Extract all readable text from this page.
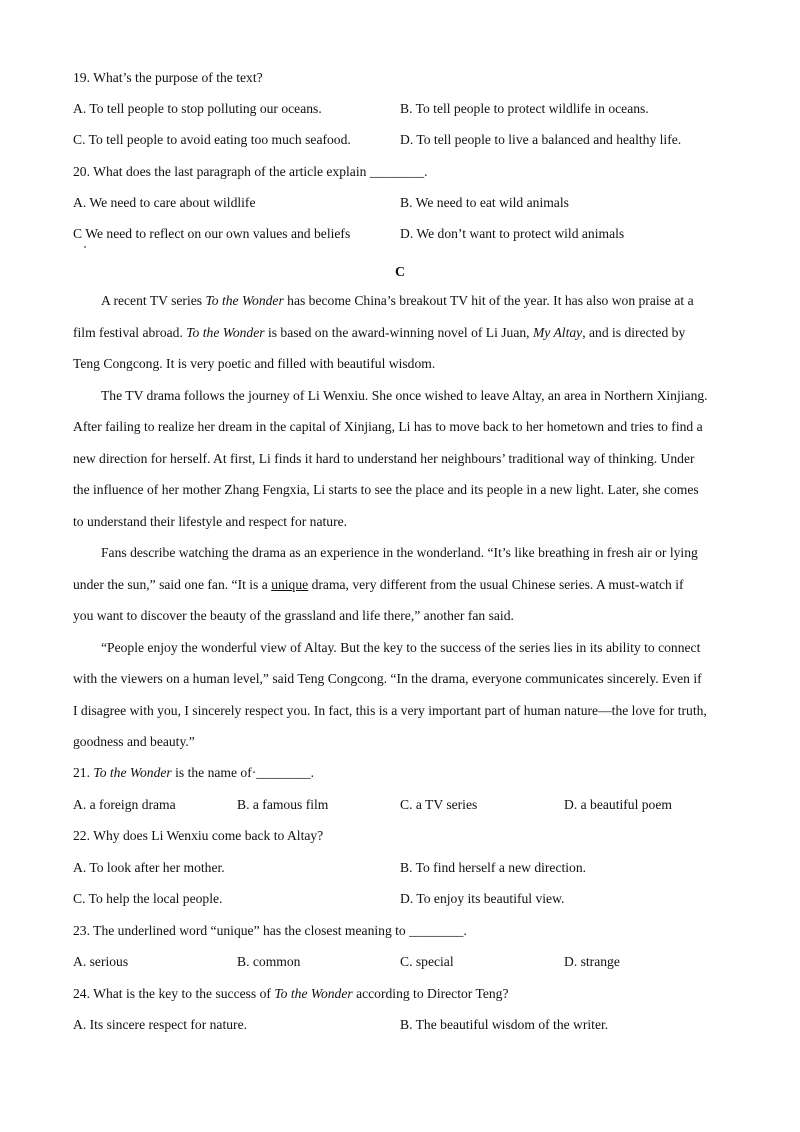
19. What’s the purpose of the text?
A. To tell people to stop polluting our oceans.	B. To tell people to protect wildlife in oceans.
C. To tell people to avoid eating too much seafood.	D. To tell people to live a balanced and healthy life.
20. What does the last paragraph of the article explain ________.
A. We need to care about wildlife	B. We need to eat wild animals
C We need to reflect on our own values and beliefs	D. We don’t want to protect wild animals
C
A recent TV series To the Wonder has become China’s breakout TV hit of the year. It has also won praise at a
film festival abroad. To the Wonder is based on the award-winning novel of Li Juan, My Altay, and is directed by
Teng Congcong. It is very poetic and filled with beautiful wisdom.
The TV drama follows the journey of Li Wenxiu. She once wished to leave Altay, an area in Northern Xinjiang.
After failing to realize her dream in the capital of Xinjiang, Li has to move back to her hometown and tries to find a
new direction for herself. At first, Li finds it hard to understand her neighbours’ traditional way of thinking. Under
the influence of her mother Zhang Fengxia, Li starts to see the place and its people in a new light. Later, she comes
to understand their lifestyle and respect for nature.
Fans describe watching the drama as an experience in the wonderland. “It’s like breathing in fresh air or lying
under the sun,” said one fan. “It is a unique drama, very different from the usual Chinese series. A must-watch if
you want to discover the beauty of the grassland and life there,” another fan said.
“People enjoy the wonderful view of Altay. But the key to the success of the series lies in its ability to connect
with the viewers on a human level,” said Teng Congcong. “In the drama, everyone communicates sincerely. Even if
I disagree with you, I sincerely respect you. In fact, this is a very important part of human nature—the love for truth,
goodness and beauty.”
21. To the Wonder is the name of·________.
A. a foreign drama	B. a famous film	C. a TV series	D. a beautiful poem
22. Why does Li Wenxiu come back to Altay?
A. To look after her mother.	B. To find herself a new direction.
C. To help the local people.	D. To enjoy its beautiful view.
23. The underlined word “unique” has the closest meaning to ________.
A. serious	B. common	C. special	D. strange
24. What is the key to the success of To the Wonder according to Director Teng?
A. Its sincere respect for nature.	B. The beautiful wisdom of the writer.
